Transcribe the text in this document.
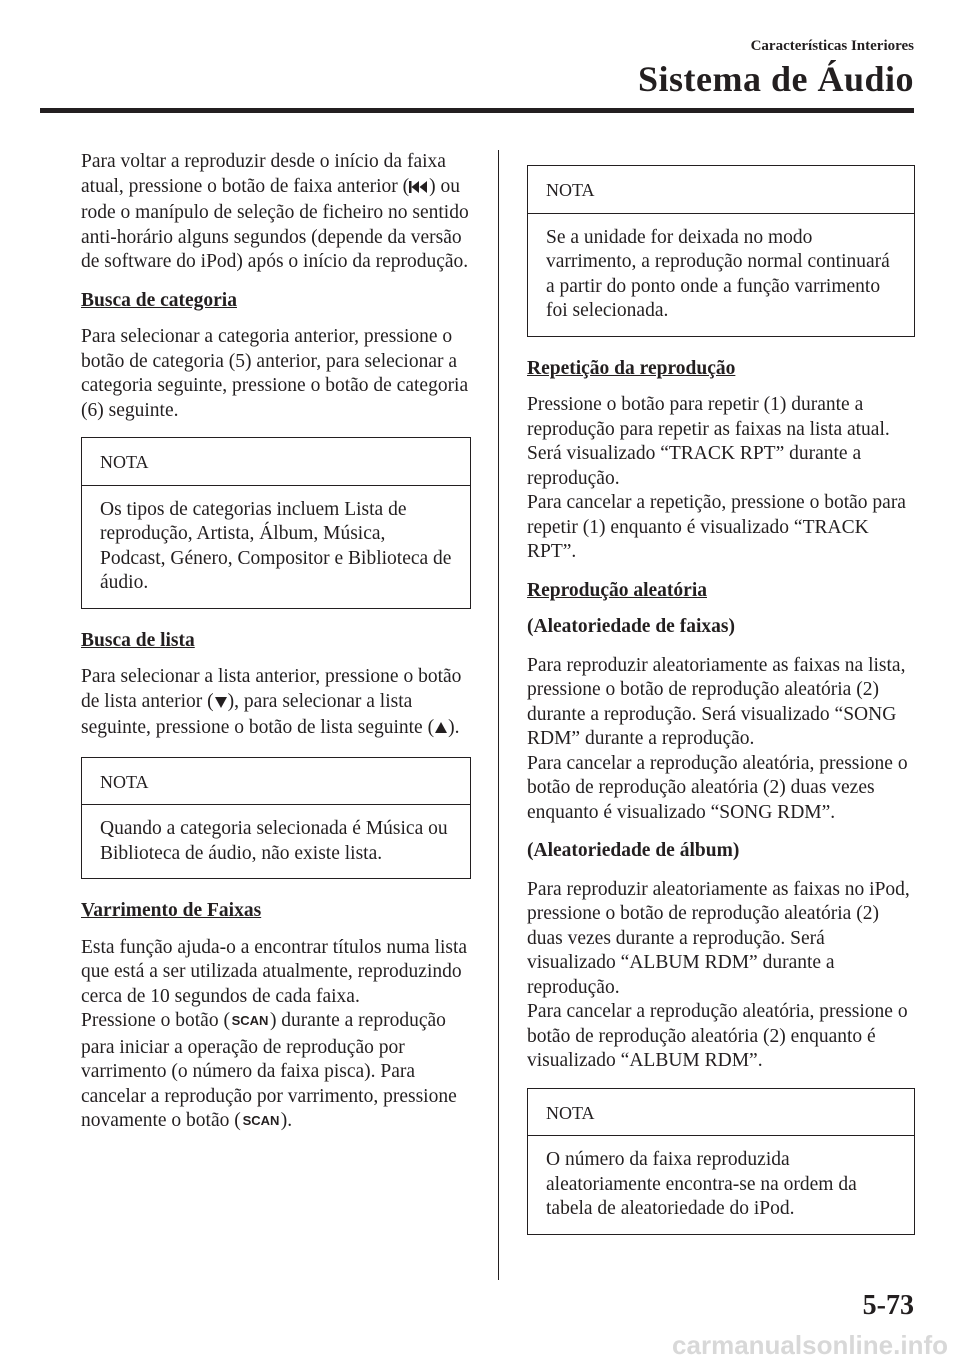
Características Interiores
Sistema de Áudio

Para voltar a reproduzir desde o início da faixa atual, pressione o botão de faixa anterior ( ) ou rode o manípulo de seleção de ficheiro no sentido anti-horário alguns segundos (depende da versão de software do iPod) após o início da reprodução.

Busca de categoria

Para selecionar a categoria anterior, pressione o botão de categoria (5) anterior, para selecionar a categoria seguinte, pressione o botão de categoria (6) seguinte.

NOTA
Os tipos de categorias incluem Lista de reprodução, Artista, Álbum, Música, Podcast, Género, Compositor e Biblioteca de áudio.

Busca de lista

Para selecionar a lista anterior, pressione o botão de lista anterior ( ), para selecionar a lista seguinte, pressione o botão de lista seguinte ( ).

NOTA
Quando a categoria selecionada é Música ou Biblioteca de áudio, não existe lista.

Varrimento de Faixas

Esta função ajuda-o a encontrar títulos numa lista que está a ser utilizada atualmente, reproduzindo cerca de 10 segundos de cada faixa.

Pressione o botão ( SCAN ) durante a reprodução para iniciar a operação de reprodução por varrimento (o número da faixa pisca). Para cancelar a reprodução por varrimento, pressione novamente o botão ( SCAN ).

NOTA
Se a unidade for deixada no modo varrimento, a reprodução normal continuará a partir do ponto onde a função varrimento foi selecionada.

Repetição da reprodução

Pressione o botão para repetir (1) durante a reprodução para repetir as faixas na lista atual. Será visualizado “TRACK RPT” durante a reprodução.

Para cancelar a repetição, pressione o botão para repetir (1) enquanto é visualizado “TRACK RPT”.

Reprodução aleatória

(Aleatoriedade de faixas)

Para reproduzir aleatoriamente as faixas na lista, pressione o botão de reprodução aleatória (2) durante a reprodução. Será visualizado “SONG RDM” durante a reprodução.

Para cancelar a reprodução aleatória, pressione o botão de reprodução aleatória (2) duas vezes enquanto é visualizado “SONG RDM”.

(Aleatoriedade de álbum)

Para reproduzir aleatoriamente as faixas no iPod, pressione o botão de reprodução aleatória (2) duas vezes durante a reprodução. Será visualizado “ALBUM RDM” durante a reprodução.

Para cancelar a reprodução aleatória, pressione o botão de reprodução aleatória (2) enquanto é visualizado “ALBUM RDM”.

NOTA
O número da faixa reproduzida aleatoriamente encontra-se na ordem da tabela de aleatoriedade do iPod.
5-73
carmanualsonline.info
